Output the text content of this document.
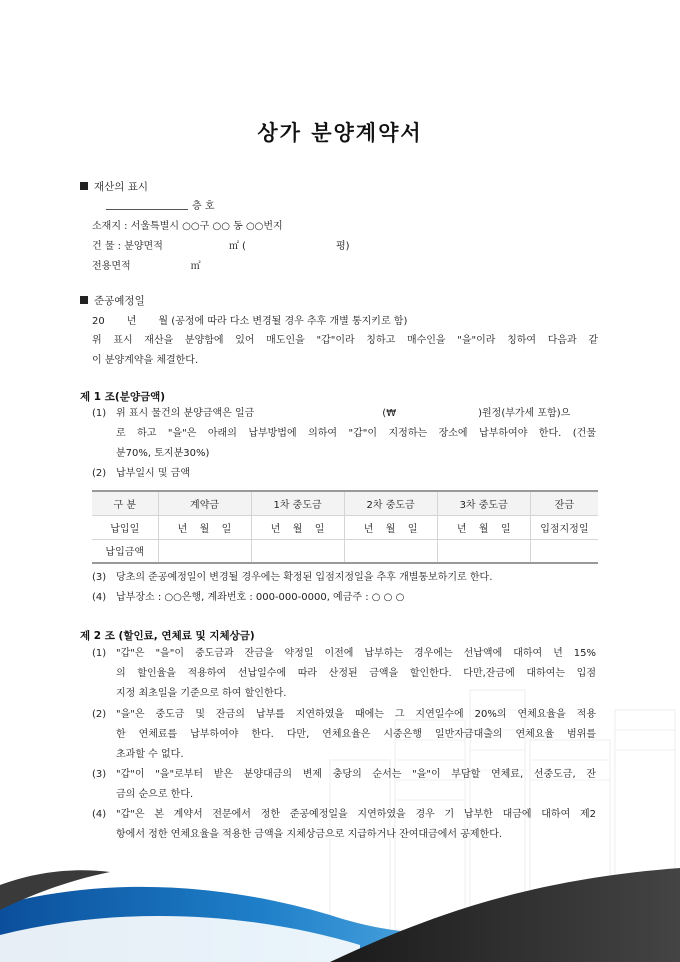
상가 분양계약서
재산의 표시
층 호
소재지 : 서울특별시 ○○구 ○○ 동 ○○번지
건 물 : 분양면적	㎡ (	평)
전용면적	㎡
준공예정일
20 년 월 (공정에 따라 다소 변경될 경우 추후 개별 통지키로 함)
위 표시 재산을 분양함에 있어 매도인을 "갑"이라 칭하고 매수인을 "을"이라 칭하여 다음과 같
이 분양계약을 체결한다.
제 1 조(분양금액)
(1) 위 표시 물건의 분양금액은 일금	(₩	)원정(부가세 포함)으
로 하고 "을"은 아래의 납부방법에 의하여 "갑"이 지정하는 장소에 납부하여야 한다. (건물
분70%, 토지분30%)
(2) 납부일시 및 금액
구 분	계약금	1차 중도금	2차 중도금	3차 중도금	잔금
납입일	년 월 일	년 월 일	년 월 일	년 월 일	입점지정일
납입금액					
(3) 당초의 준공예정일이 변경될 경우에는 확정된 입점지정일을 추후 개별통보하기로 한다.
(4) 납부장소 : ○○은행, 계좌번호 : 000-000-0000, 예금주 : ○ ○ ○
제 2 조 (할인료, 연체료 및 지체상금)
(1) "갑"은 "을"이 중도금과 잔금을 약정일 이전에 납부하는 경우에는 선납액에 대하여 년 15%
의 할인율을 적용하여 선납일수에 따라 산정된 금액을 할인한다. 다만,잔금에 대하여는 입점
지정 최초일을 기준으로 하여 할인한다.
(2) "을"은 중도금 및 잔금의 납부를 지연하였을 때에는 그 지연일수에 20%의 연체요율을 적용
한 연체료를 납부하여야 한다. 다만, 연체요율은 시중은행 일반자금대출의 연체요율 범위를
초과할 수 없다.
(3) "갑"이 "을"로부터 받은 분양대금의 변제 충당의 순서는 "을"이 부담할 연체료, 선중도금, 잔
금의 순으로 한다.
(4) "갑"은 본 계약서 전문에서 정한 준공예정일을 지연하였을 경우 기 납부한 대금에 대하여 제2
항에서 정한 연체요율을 적용한 금액을 지체상금으로 지급하거나 잔여대금에서 공제한다.
